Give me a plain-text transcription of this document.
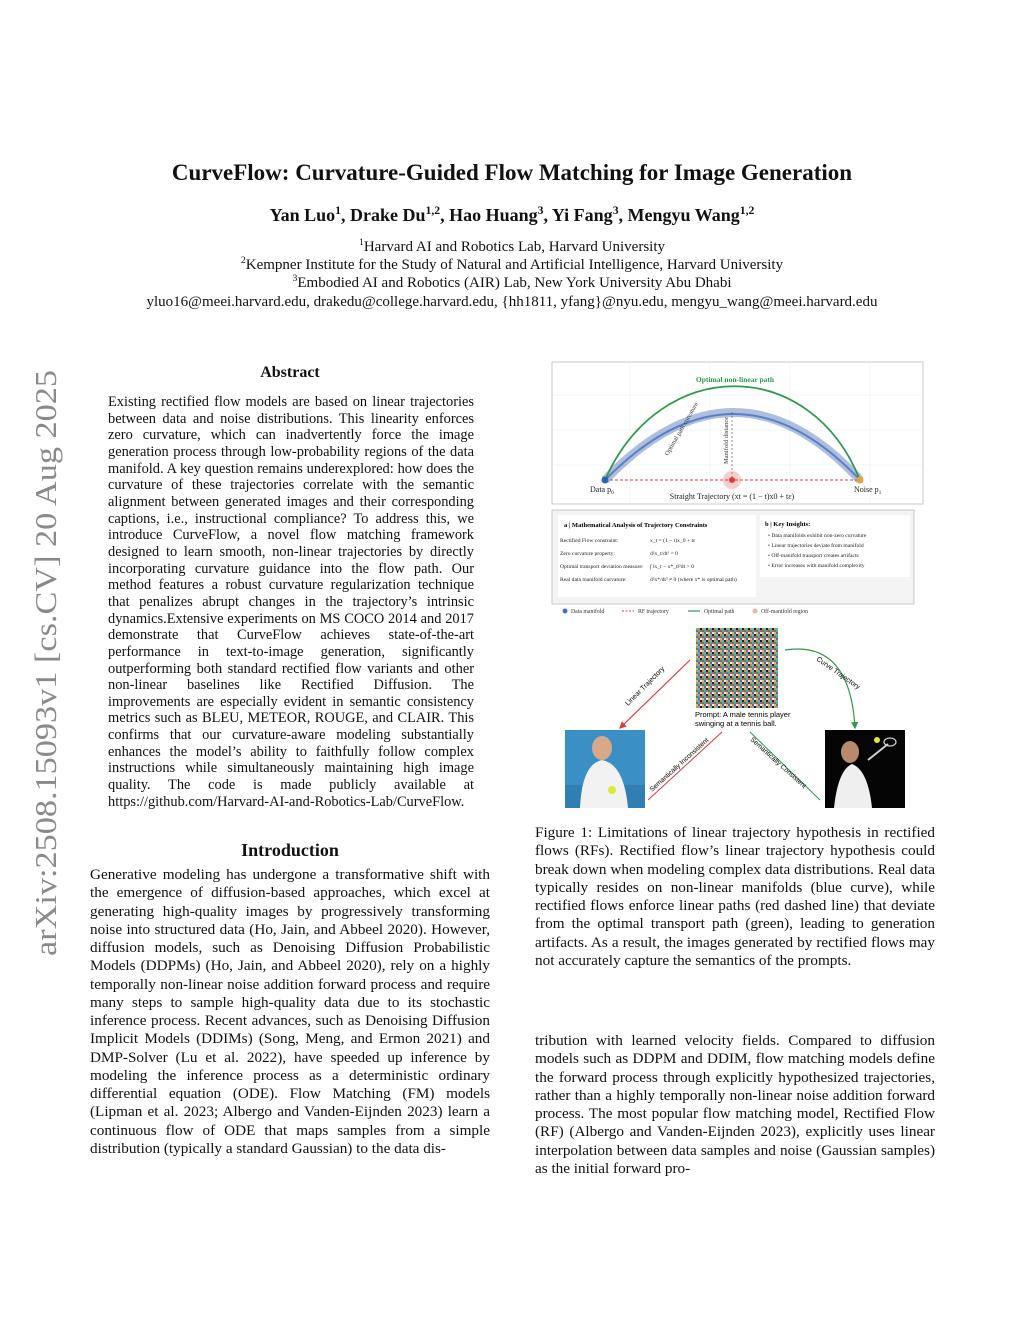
arXiv:2508.15093v1 [cs.CV] 20 Aug 2025
CurveFlow: Curvature-Guided Flow Matching for Image Generation
Yan Luo$^1$, Drake Du$^{1,2}$, Hao Huang$^3$, Yi Fang$^3$, Mengyu Wang$^{1,2}$
$^1$Harvard AI and Robotics Lab, Harvard University
$^2$Kempner Institute for the Study of Natural and Artificial Intelligence, Harvard University
$^3$Embodied AI and Robotics (AIR) Lab, New York University Abu Dhabi
yluo16@meei.harvard.edu, drakedu@college.harvard.edu, {hh1811, yfang}@nyu.edu, mengyu_wang@meei.harvard.edu
Abstract
Existing rectified flow models are based on linear trajectories between data and noise distributions. This linearity enforces zero curvature, which can inadvertently force the image generation process through low-probability regions of the data manifold. A key question remains underexplored: how does the curvature of these trajectories correlate with the semantic alignment between generated images and their corresponding captions, i.e., instructional compliance? To address this, we introduce CurveFlow, a novel flow matching framework designed to learn smooth, non-linear trajectories by directly incorporating curvature guidance into the flow path. Our method features a robust curvature regularization technique that penalizes abrupt changes in the trajectory’s intrinsic dynamics.Extensive experiments on MS COCO 2014 and 2017 demonstrate that CurveFlow achieves state-of-the-art performance in text-to-image generation, significantly outperforming both standard rectified flow variants and other non-linear baselines like Rectified Diffusion. The improvements are especially evident in semantic consistency metrics such as BLEU, METEOR, ROUGE, and CLAIR. This confirms that our curvature-aware modeling substantially enhances the model’s ability to faithfully follow complex instructions while simultaneously maintaining high image quality. The code is made publicly available at https://github.com/Harvard-AI-and-Robotics-Lab/CurveFlow.
Introduction
Generative modeling has undergone a transformative shift with the emergence of diffusion-based approaches, which excel at generating high-quality images by progressively transforming noise into structured data (Ho, Jain, and Abbeel 2020). However, diffusion models, such as Denoising Diffusion Probabilistic Models (DDPMs) (Ho, Jain, and Abbeel 2020), rely on a highly temporally non-linear noise addition forward process and require many steps to sample high-quality data due to its stochastic inference process. Recent advances, such as Denoising Diffusion Implicit Models (DDIMs) (Song, Meng, and Ermon 2021) and DMP-Solver (Lu et al. 2022), have speeded up inference by modeling the inference process as a deterministic ordinary differential equation (ODE). Flow Matching (FM) models (Lipman et al. 2023; Albergo and Vanden-Eijnden 2023) learn a continuous flow of ODE that maps samples from a simple distribution (typically a standard Gaussian) to the data dis-
Optimal non-linear path
Optimal path curvature	Manifold distance
Data $p_0$	Noise $p_1$
Straight Trajectory (xt = (1 − t)x0 + tε)
a | Mathematical Analysis of Trajectory Constraints
Rectified Flow constraint:	x_t = (1 − t)x_0 + tε
Zero curvature property:	d²x_t/dt² = 0
Optimal transport deviation measure: ∫ ‖x_t − x*_t‖²dt > 0
Real data manifold curvature:	d²x*/dt² ≠ 0 (where x* is optimal path)
b | Key Insights:
• Data manifolds exhibit non-zero curvature
• Linear trajectories deviate from manifold
• Off-manifold transport creates artifacts
• Error increases with manifold complexity
Data manifold	RF trajectory	Optimal path	Off-manifold region
Prompt: A male tennis player
swinging at a tennis ball.
Linear Trajectory	Curve Trajectory
Semantically Inconsistent	Semantically Consistent
Figure 1: Limitations of linear trajectory hypothesis in rectified flows (RFs). Rectified flow’s linear trajectory hypothesis could break down when modeling complex data distributions. Real data typically resides on non-linear manifolds (blue curve), while rectified flows enforce linear paths (red dashed line) that deviate from the optimal transport path (green), leading to generation artifacts. As a result, the images generated by rectified flows may not accurately capture the semantics of the prompts.
tribution with learned velocity fields. Compared to diffusion models such as DDPM and DDIM, flow matching models define the forward process through explicitly hypothesized trajectories, rather than a highly temporally non-linear noise addition forward process. The most popular flow matching model, Rectified Flow (RF) (Albergo and Vanden-Eijnden 2023), explicitly uses linear interpolation between data samples and noise (Gaussian samples) as the initial forward pro-
